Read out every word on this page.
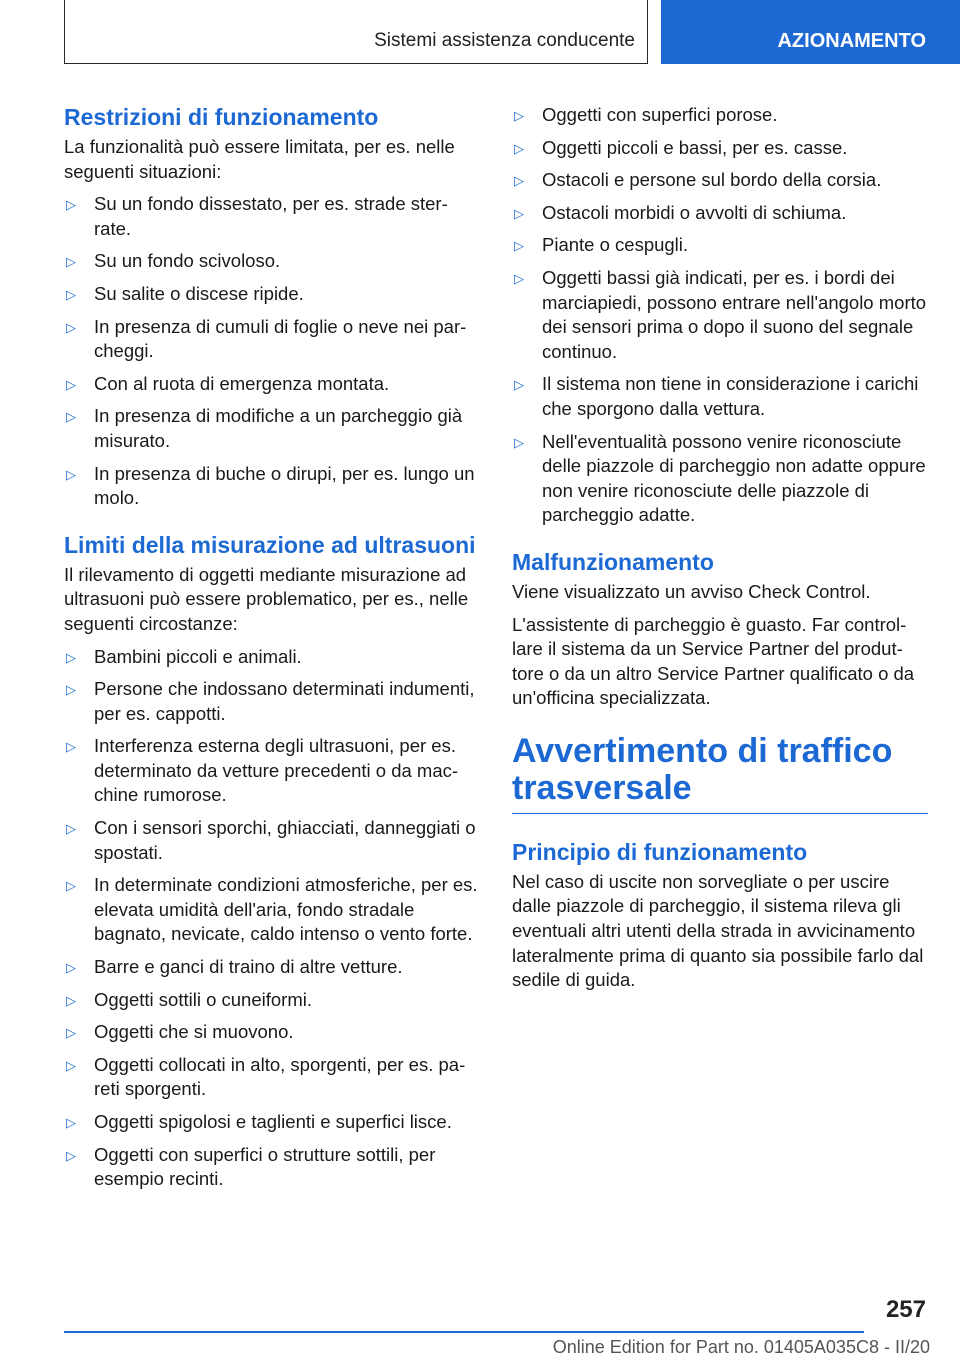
Sistemi assistenza conducente	AZIONAMENTO
Restrizioni di funzionamento

La funzionalità può essere limitata, per es. nelle seguenti situazioni:

▷ Su un fondo dissestato, per es. strade sterrate.
▷ Su un fondo scivoloso.
▷ Su salite o discese ripide.
▷ In presenza di cumuli di foglie o neve nei parcheggi.
▷ Con al ruota di emergenza montata.
▷ In presenza di modifiche a un parcheggio già misurato.
▷ In presenza di buche o dirupi, per es. lungo un molo.
Limiti della misurazione ad ultrasuoni

Il rilevamento di oggetti mediante misurazione ad ultrasuoni può essere problematico, per es., nelle seguenti circostanze:

▷ Bambini piccoli e animali.
▷ Persone che indossano determinati indumenti, per es. cappotti.
▷ Interferenza esterna degli ultrasuoni, per es. determinato da vetture precedenti o da macchine rumorose.
▷ Con i sensori sporchi, ghiacciati, danneggiati o spostati.
▷ In determinate condizioni atmosferiche, per es. elevata umidità dell'aria, fondo stradale bagnato, nevicate, caldo intenso o vento forte.
▷ Barre e ganci di traino di altre vetture.
▷ Oggetti sottili o cuneiformi.
▷ Oggetti che si muovono.
▷ Oggetti collocati in alto, sporgenti, per es. pareti sporgenti.
▷ Oggetti spigolosi e taglienti e superfici lisce.
▷ Oggetti con superfici o strutture sottili, per esempio recinti.
▷ Oggetti con superfici porose.
▷ Oggetti piccoli e bassi, per es. casse.
▷ Ostacoli e persone sul bordo della corsia.
▷ Ostacoli morbidi o avvolti di schiuma.
▷ Piante o cespugli.
▷ Oggetti bassi già indicati, per es. i bordi dei marciapiedi, possono entrare nell'angolo morto dei sensori prima o dopo il suono del segnale continuo.
▷ Il sistema non tiene in considerazione i carichi che sporgono dalla vettura.
▷ Nell'eventualità possono venire riconosciute delle piazzole di parcheggio non adatte oppure non venire riconosciute delle piazzole di parcheggio adatte.
Malfunzionamento

Viene visualizzato un avviso Check Control.

L'assistente di parcheggio è guasto. Far controllare il sistema da un Service Partner del produttore o da un altro Service Partner qualificato o da un'officina specializzata.

Avvertimento di traffico trasversale
Principio di funzionamento

Nel caso di uscite non sorvegliate o per uscire dalle piazzole di parcheggio, il sistema rileva gli eventuali altri utenti della strada in avvicinamento lateralmente prima di quanto sia possibile farlo dal sedile di guida.

257
Online Edition for Part no. 01405A035C8 - II/20
